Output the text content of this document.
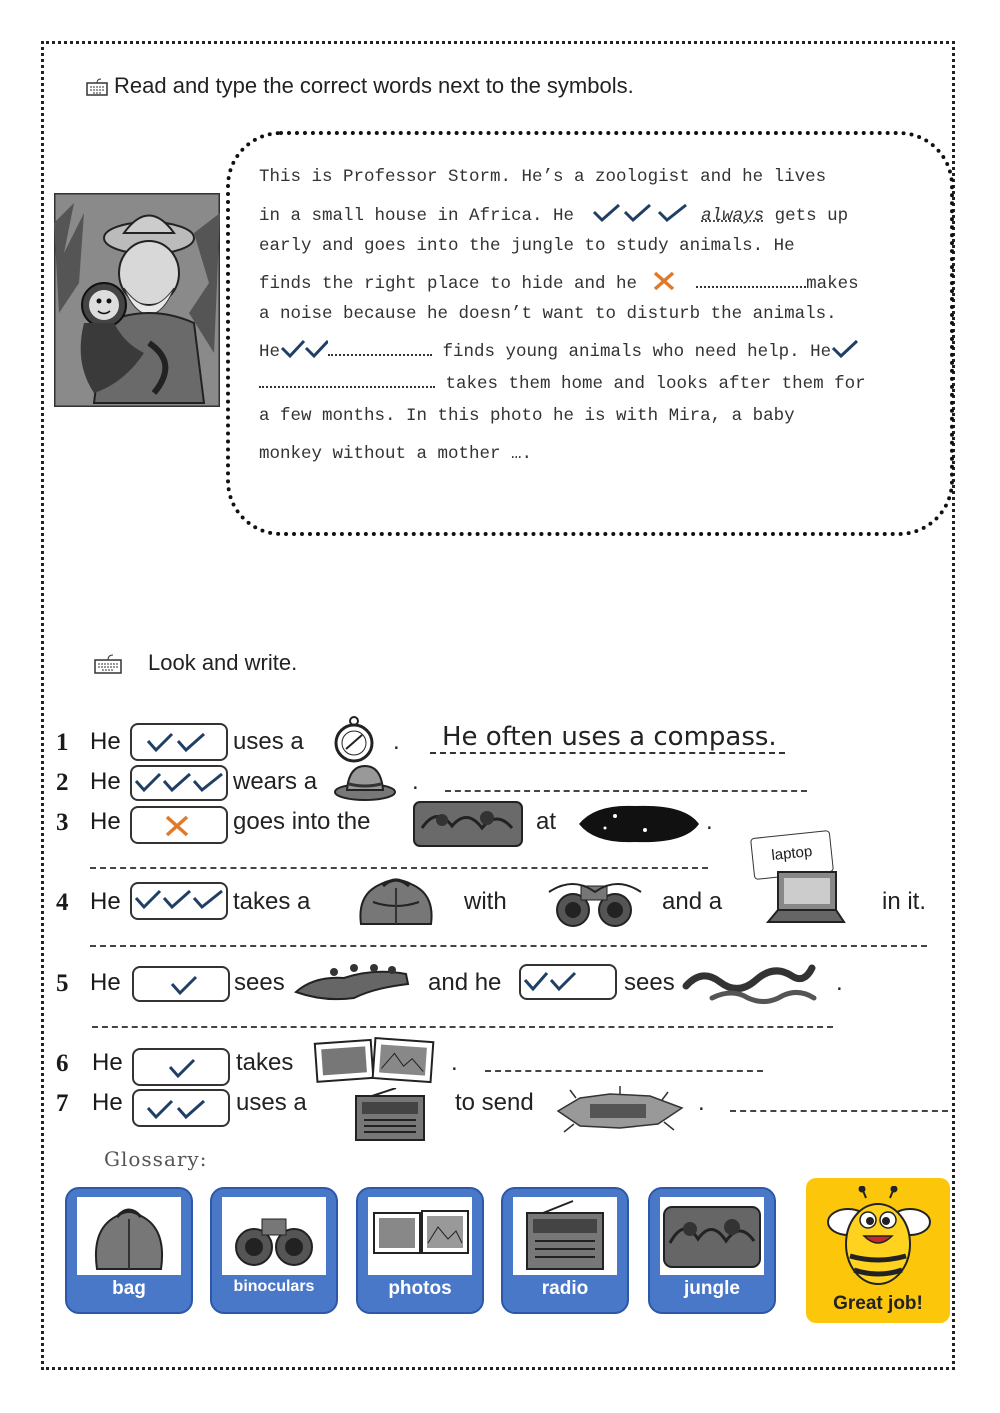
Read and type the correct words next to the symbols.
This is Professor Storm. He’s a zoologist and he lives
in a small house in Africa. He	always gets up
early and goes into the jungle to study animals. He
finds the right place to hide and he	makes
a noise because he doesn’t want to disturb the animals.
He	finds young animals who need help. He
takes them home and looks after them for
a few months. In this photo he is with Mira, a baby
monkey without a mother ….
Look and write.
1 He	uses a	.	He often uses a compass.
2 He	wears a	.
3 He	goes into the	at	.
4 He	takes a	with	and a
laptop
in it.
5 He	sees	and he	sees	.
6 He	takes	.
7 He	uses a	to send	.
Glossary:
bag	binoculars	photos	radio	jungle
Great job!
